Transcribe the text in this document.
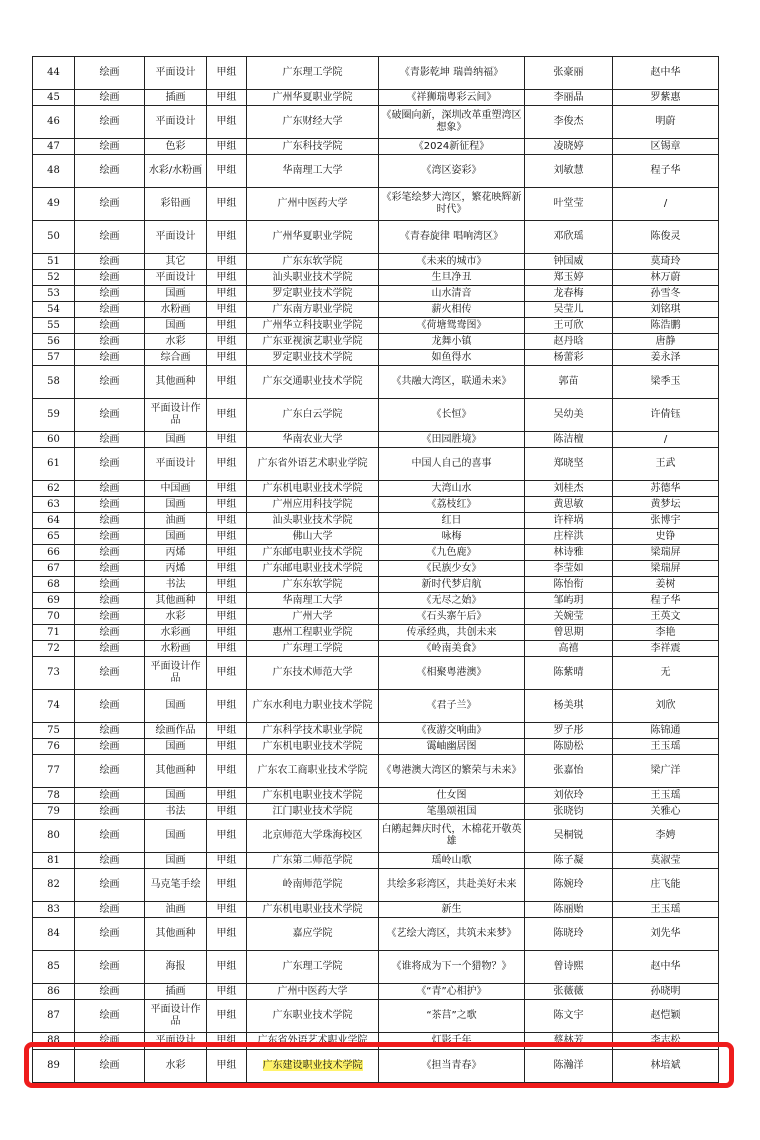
44	绘画	平面设计	甲组	广东理工学院	《青影乾坤 瑞兽纳福》	张豪丽	赵中华
45	绘画	插画	甲组	广州华夏职业学院	《祥狮瑞粤彩云间》	李丽晶	罗紫惠
46	绘画	平面设计	甲组	广东财经大学	《破圈向新，深圳改革重塑湾区想象》	李俊杰	明蔚
47	绘画	色彩	甲组	广东科技学院	《2024新征程》	凌晓婷	区锡章
48	绘画	水彩/水粉画	甲组	华南理工大学	《湾区姿彩》	刘敏慧	程子华
49	绘画	彩铅画	甲组	广州中医药大学	《彩笔绘梦大湾区，繁花映辉新时代》	叶堂莹	/
50	绘画	平面设计	甲组	广州华夏职业学院	《青春旋律 唱响湾区》	邓欣瑶	陈俊灵
51	绘画	其它	甲组	广东东软学院	《未来的城市》	钟国威	莫琦玲
52	绘画	平面设计	甲组	汕头职业技术学院	生旦净丑	郑玉婷	林万蔚
53	绘画	国画	甲组	罗定职业技术学院	山水清音	龙春梅	孙雪冬
54	绘画	水粉画	甲组	广东南方职业学院	薪火相传	吴莹儿	刘铭琪
55	绘画	国画	甲组	广州华立科技职业学院	《荷塘鸳鸯图》	王可欣	陈浩鹏
56	绘画	水彩	甲组	广东亚视演艺职业学院	龙舞小镇	赵丹晗	唐静
57	绘画	综合画	甲组	罗定职业技术学院	如鱼得水	杨蕾彩	姜永泽
58	绘画	其他画种	甲组	广东交通职业技术学院	《共融大湾区，联通未来》	郭苗	梁季玉
59	绘画	平面设计作品	甲组	广东白云学院	《长恒》	吴幼美	许倩钰
60	绘画	国画	甲组	华南农业大学	《田园胜境》	陈洁檀	/
61	绘画	平面设计	甲组	广东省外语艺术职业学院	中国人自己的喜事	郑晓坚	王武
62	绘画	中国画	甲组	广东机电职业技术学院	大湾山水	刘桂杰	苏德华
63	绘画	国画	甲组	广州应用科技学院	《荔枝红》	黄思敏	黄梦坛
64	绘画	油画	甲组	汕头职业技术学院	红日	许梓埚	张博宇
65	绘画	国画	甲组	佛山大学	咏梅	庄梓洪	史铮
66	绘画	丙烯	甲组	广东邮电职业技术学院	《九色鹿》	林诗雅	梁瑞屏
67	绘画	丙烯	甲组	广东邮电职业技术学院	《民族少女》	李莹如	梁瑞屏
68	绘画	书法	甲组	广东东软学院	新时代梦启航	陈怡衔	姜树
69	绘画	其他画种	甲组	华南理工大学	《无尽之始》	邹屿玥	程子华
70	绘画	水彩	甲组	广州大学	《石头寨午后》	关婉莹	王英文
71	绘画	水彩画	甲组	惠州工程职业学院	传承经典，共创未来	曾思期	李艳
72	绘画	水粉画	甲组	广东理工学院	《岭南美食》	高禧	李祥震
73	绘画	平面设计作品	甲组	广东技术师范大学	《相聚粤港澳》	陈紫晴	无
74	绘画	国画	甲组	广东水利电力职业技术学院	《君子兰》	杨美琪	刘欣
75	绘画	绘画作品	甲组	广东科学技术职业学院	《夜游交响曲》	罗子彤	陈锦通
76	绘画	国画	甲组	广东机电职业技术学院	霭岫幽居图	陈励松	王玉瑶
77	绘画	其他画种	甲组	广东农工商职业技术学院	《粤港澳大湾区的繁荣与未来》	张嘉怡	梁广洋
78	绘画	国画	甲组	广东机电职业技术学院	仕女图	刘依玲	王玉瑶
79	绘画	书法	甲组	江门职业技术学院	笔墨颂祖国	张晓钧	关雅心
80	绘画	国画	甲组	北京师范大学珠海校区	白鹇起舞庆时代，木棉花开敬英雄	吴桐锐	李娉
81	绘画	国画	甲组	广东第二师范学院	瑶岭山歌	陈子凝	莫淑莹
82	绘画	马克笔手绘	甲组	岭南师范学院	共绘多彩湾区，共赴美好未来	陈婉玲	庄飞能
83	绘画	油画	甲组	广东机电职业技术学院	新生	陈丽贻	王玉瑶
84	绘画	其他画种	甲组	嘉应学院	《艺绘大湾区，共筑未来梦》	陈晓玲	刘先华
85	绘画	海报	甲组	广东理工学院	《谁将成为下一个猎物？》	曾诗熙	赵中华
86	绘画	插画	甲组	广州中医药大学	《“青”心相护》	张薇薇	孙晓明
87	绘画	平面设计作品	甲组	广东职业技术学院	“茶莒”之歌	陈文宇	赵恺颖
88	绘画	平面设计	甲组	广东省外语艺术职业学院	灯影千年	蔡林芳	李志松
89	绘画	水彩	甲组	广东建设职业技术学院	《担当青春》	陈瀚洋	林培斌
